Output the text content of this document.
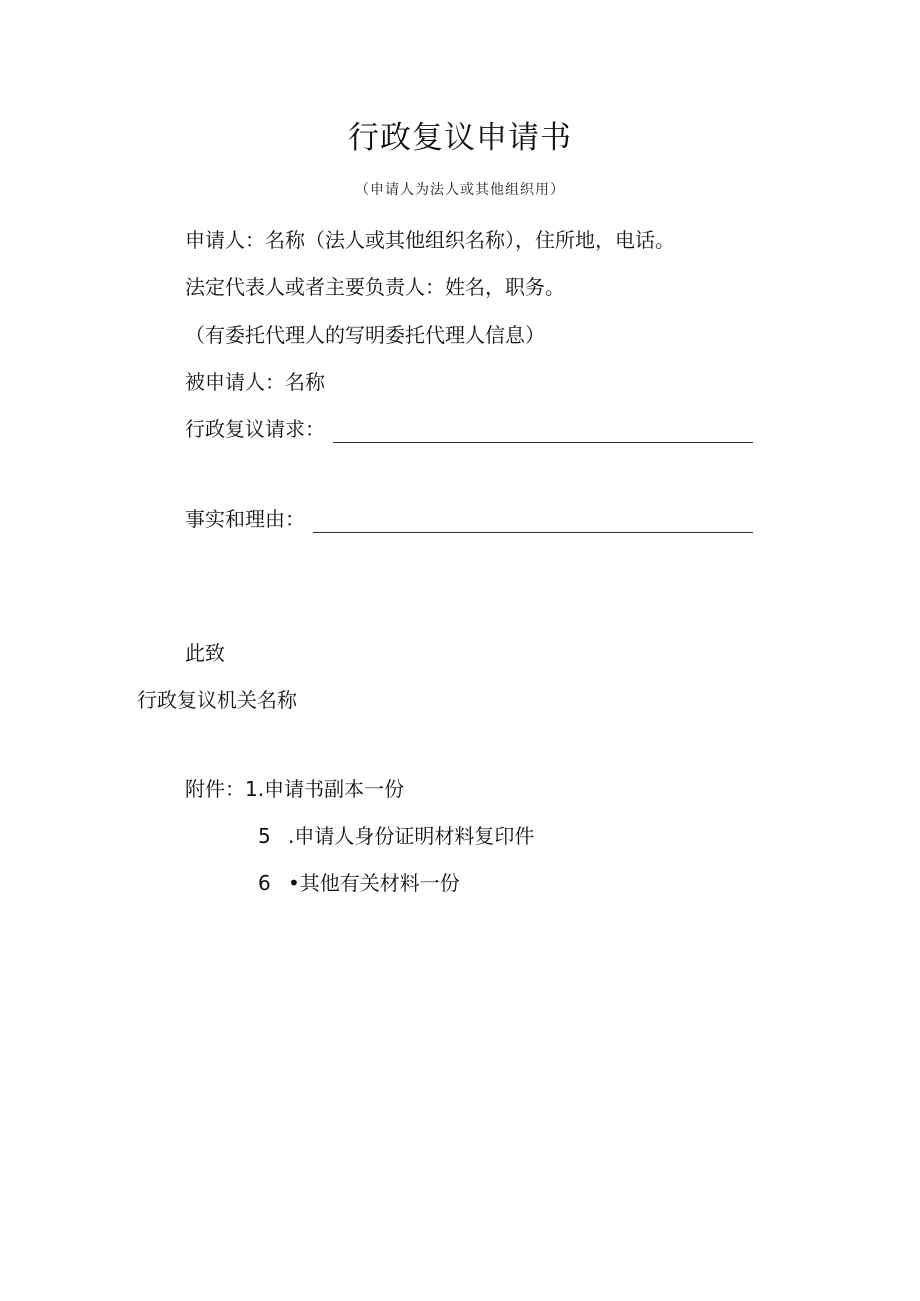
行政复议申请书
（申请人为法人或其他组织用）
申请人：名称（法人或其他组织名称），住所地，电话。
法定代表人或者主要负责人：姓名，职务。
（有委托代理人的写明委托代理人信息）
被申请人：名称
行政复议请求：
事实和理由：
此致
行政复议机关名称
附件：1.申请书副本一份
5 .申请人身份证明材料复印件
6 •其他有关材料一份
